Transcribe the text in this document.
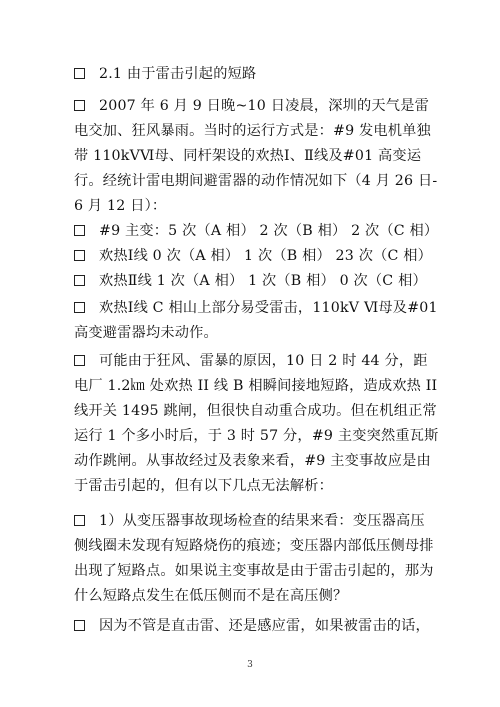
2.1 由于雷击引起的短路
2007 年 6 月 9 日晚~10 日凌晨，深圳的天气是雷电交加、狂风暴雨。当时的运行方式是：#9 发电机单独带 110kVⅥ母、同杆架设的欢热Ⅰ、Ⅱ线及#01 高变运行。经统计雷电期间避雷器的动作情况如下（4 月 26 日-6 月 12 日）：
#9 主变：5 次（A 相） 2 次（B 相） 2 次（C 相）
欢热Ⅰ线 0 次（A 相） 1 次（B 相） 23 次（C 相）
欢热Ⅱ线 1 次（A 相） 1 次（B 相） 0 次（C 相）
欢热Ⅰ线 C 相山上部分易受雷击，110kV Ⅵ母及#01 高变避雷器均未动作。
可能由于狂风、雷暴的原因，10 日 2 时 44 分，距电厂 1.2㎞ 处欢热 II 线 B 相瞬间接地短路，造成欢热 II 线开关 1495 跳闸，但很快自动重合成功。但在机组正常运行 1 个多小时后，于 3 时 57 分，#9 主变突然重瓦斯动作跳闸。从事故经过及表象来看，#9 主变事故应是由于雷击引起的，但有以下几点无法解析：
1）从变压器事故现场检查的结果来看：变压器高压侧线圈未发现有短路烧伤的痕迹；变压器内部低压侧母排出现了短路点。如果说主变事故是由于雷击引起的，那为什么短路点发生在低压侧而不是在高压侧？
因为不管是直击雷、还是感应雷，如果被雷击的话，
3
